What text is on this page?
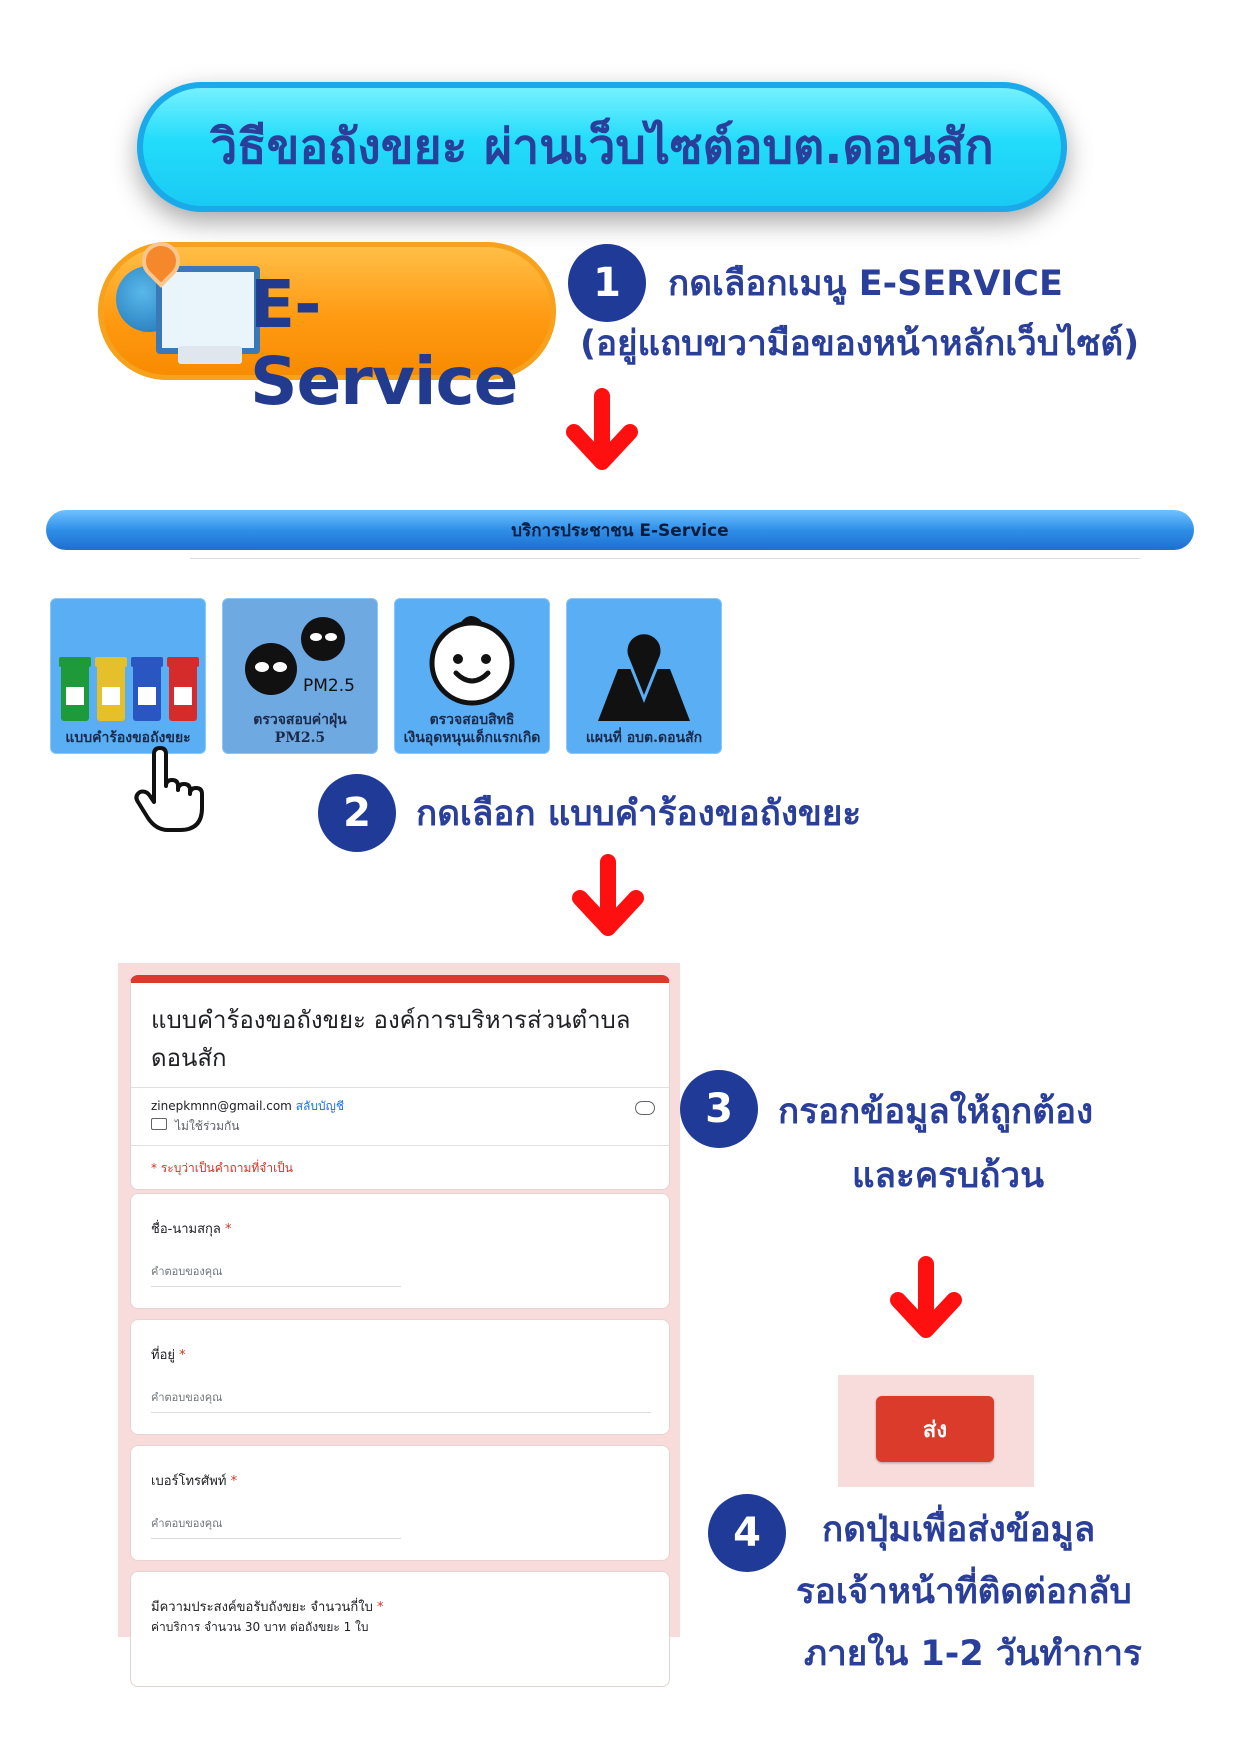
วิธีขอถังขยะ ผ่านเว็บไซต์อบต.ดอนสัก
E-Service
1	กดเลือกเมนู E-SERVICE
(อยู่แถบขวามือของหน้าหลักเว็บไซต์)
บริการประชาชน E-Service
แบบคำร้องขอถังขยะ
PM2.5
ตรวจสอบค่าฝุ่น
PM2.5
ตรวจสอบสิทธิ
เงินอุดหนุนเด็กแรกเกิด	แผนที่ อบต.ดอนสัก
2	กดเลือก แบบคำร้องขอถังขยะ
แบบคำร้องขอถังขยะ องค์การบริหารส่วนตำบลดอนสัก
zinepkmnn@gmail.com สลับบัญชี
ไม่ใช้ร่วมกัน
* ระบุว่าเป็นคำถามที่จำเป็น
ชื่อ-นามสกุล *
คำตอบของคุณ
ที่อยู่ *
คำตอบของคุณ
เบอร์โทรศัพท์ *
คำตอบของคุณ
มีความประสงค์ขอรับถังขยะ จำนวนกี่ใบ *
ค่าบริการ จำนวน 30 บาท ต่อถังขยะ 1 ใบ
3	กรอกข้อมูลให้ถูกต้อง
และครบถ้วน
ส่ง
4	กดปุ่มเพื่อส่งข้อมูล
รอเจ้าหน้าที่ติดต่อกลับ
ภายใน 1-2 วันทำการ
